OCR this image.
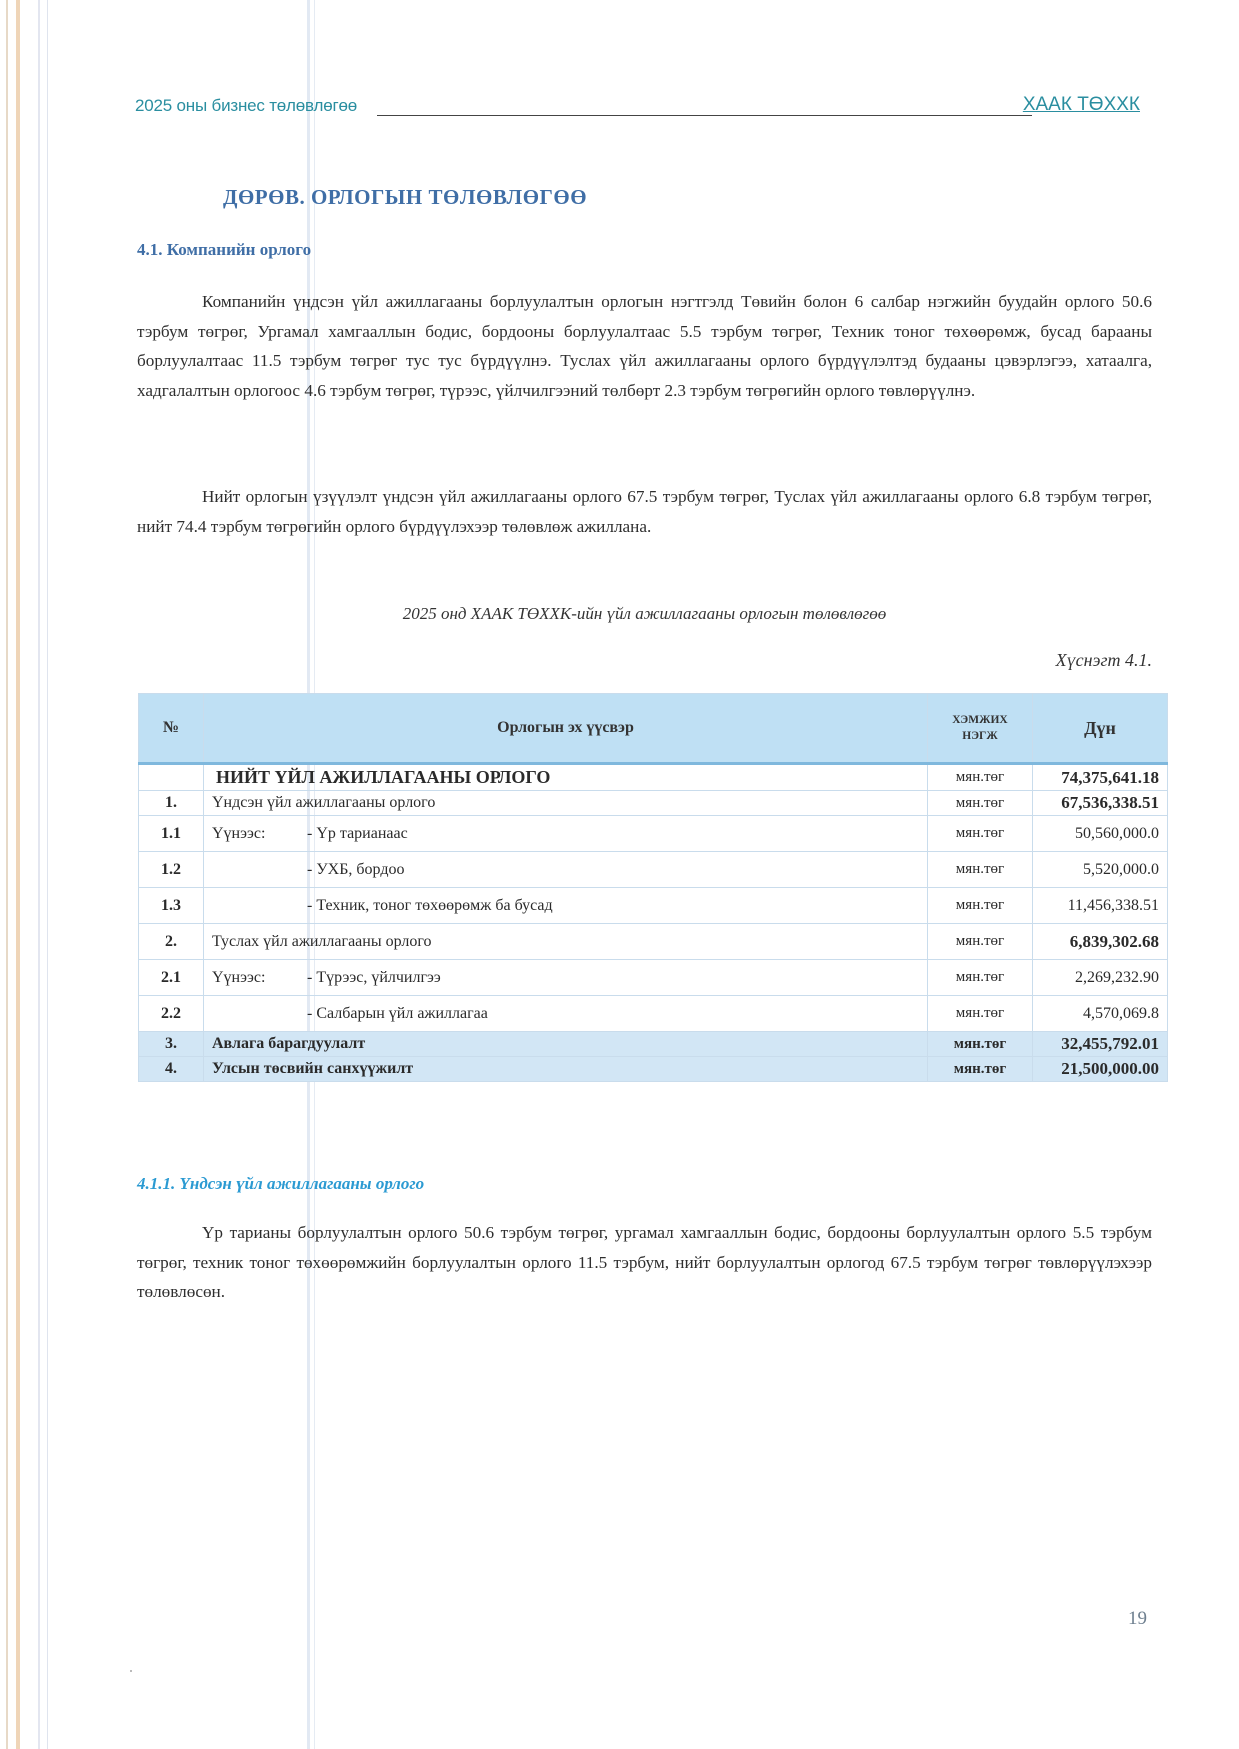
2025 оны бизнес төлөвлөгөө	ХААК ТӨХХК
ДӨРӨВ. ОРЛОГЫН ТӨЛӨВЛӨГӨӨ
4.1. Компанийн орлого
Компанийн үндсэн үйл ажиллагааны борлуулалтын орлогын нэгтгэлд Төвийн болон 6 салбар нэгжийн буудайн орлого 50.6 тэрбум төгрөг, Ургамал хамгааллын бодис, бордооны борлуулалтаас 5.5 тэрбум төгрөг, Техник тоног төхөөрөмж, бусад барааны борлуулалтаас 11.5 тэрбум төгрөг тус тус бүрдүүлнэ. Туслах үйл ажиллагааны орлого бүрдүүлэлтэд будааны цэвэрлэгээ, хатаалга, хадгалалтын орлогоос 4.6 тэрбум төгрөг, түрээс, үйлчилгээний төлбөрт 2.3 тэрбум төгрөгийн орлого төвлөрүүлнэ.
Нийт орлогын үзүүлэлт үндсэн үйл ажиллагааны орлого 67.5 тэрбум төгрөг, Туслах үйл ажиллагааны орлого 6.8 тэрбум төгрөг, нийт 74.4 тэрбум төгрөгийн орлого бүрдүүлэхээр төлөвлөж ажиллана.
2025 онд ХААК ТӨХХК-ийн үйл ажиллагааны орлогын төлөвлөгөө
Хүснэгт 4.1.
№	Орлогын эх үүсвэр	ХЭМЖИХ НЭГЖ	Дүн
	НИЙТ ҮЙЛ АЖИЛЛАГААНЫ ОРЛОГО	мян.төг	74,375,641.18
1.	Үндсэн үйл ажиллагааны орлого	мян.төг	67,536,338.51
1.1	Үүнээс: - Үр тарианаас	мян.төг	50,560,000.0
1.2	- УХБ, бордоо	мян.төг	5,520,000.0
1.3	- Техник, тоног төхөөрөмж ба бусад	мян.төг	11,456,338.51
2.	Туслах үйл ажиллагааны орлого	мян.төг	6,839,302.68
2.1	Үүнээс: - Түрээс, үйлчилгээ	мян.төг	2,269,232.90
2.2	- Салбарын үйл ажиллагаа	мян.төг	4,570,069.8
3.	Авлага барагдуулалт	мян.төг	32,455,792.01
4.	Улсын төсвийн санхүүжилт	мян.төг	21,500,000.00
4.1.1. Үндсэн үйл ажиллагааны орлого
Үр тарианы борлуулалтын орлого 50.6 тэрбум төгрөг, ургамал хамгааллын бодис, бордооны борлуулалтын орлого 5.5 тэрбум төгрөг, техник тоног төхөөрөмжийн борлуулалтын орлого 11.5 тэрбум, нийт борлуулалтын орлогод 67.5 тэрбум төгрөг төвлөрүүлэхээр төлөвлөсөн.
19
